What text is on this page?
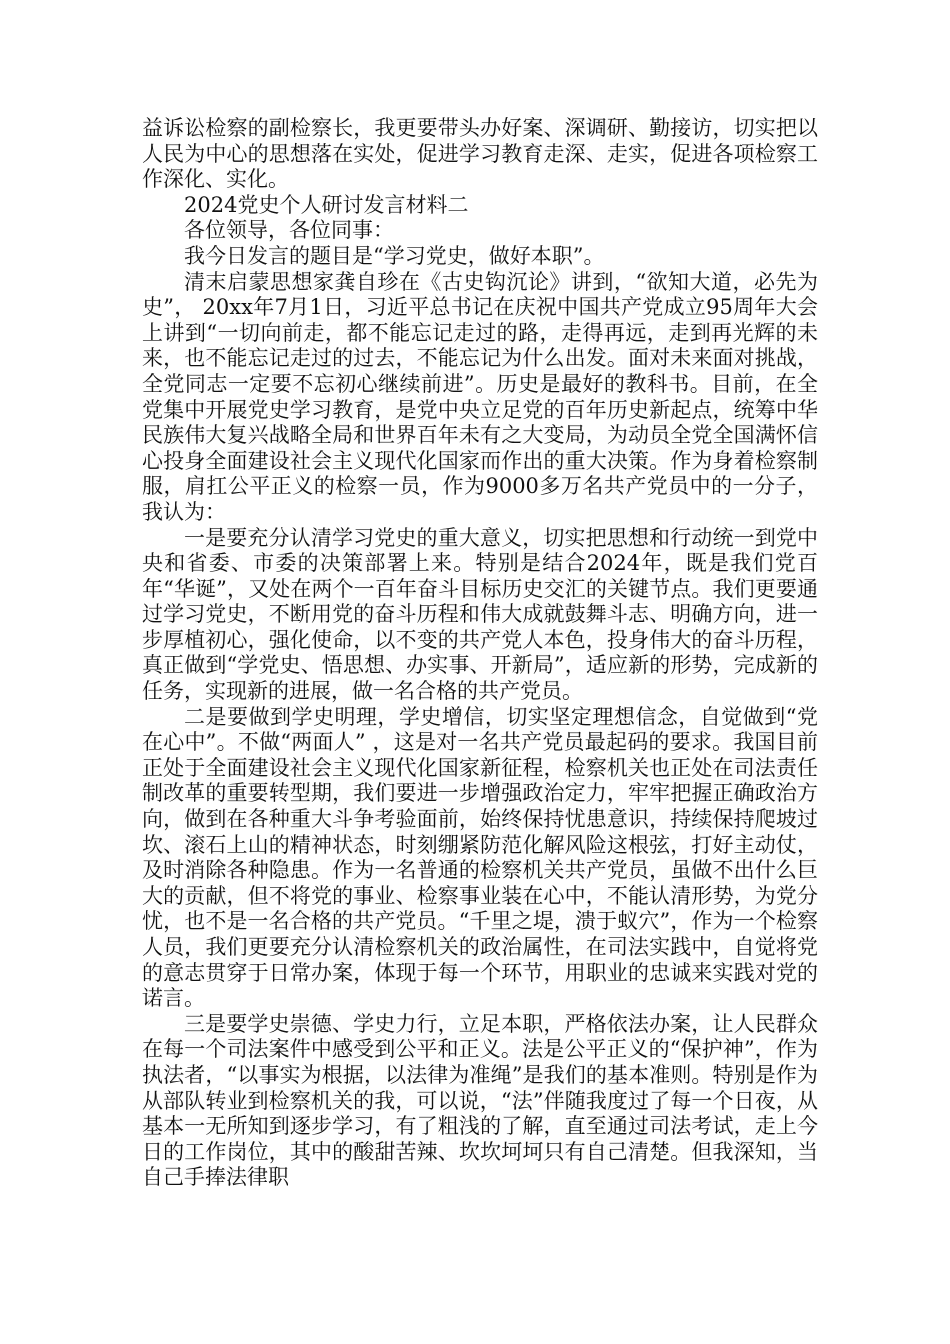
益诉讼检察的副检察长，我更要带头办好案、深调研、勤接访，切实把以人民为中心的思想落在实处，促进学习教育走深、走实，促进各项检察工作深化、实化。

2024党史个人研讨发言材料二

各位领导，各位同事：

我今日发言的题目是“学习党史，做好本职”。

清末启蒙思想家龚自珍在《古史钩沉论》讲到，“欲知大道，必先为史”， 20xx年7月1日，习近平总书记在庆祝中国共产党成立95周年大会上讲到“一切向前走，都不能忘记走过的路，走得再远，走到再光辉的未来，也不能忘记走过的过去，不能忘记为什么出发。面对未来面对挑战，全党同志一定要不忘初心继续前进”。历史是最好的教科书。目前，在全党集中开展党史学习教育，是党中央立足党的百年历史新起点，统筹中华民族伟大复兴战略全局和世界百年未有之大变局，为动员全党全国满怀信心投身全面建设社会主义现代化国家而作出的重大决策。作为身着检察制服，肩扛公平正义的检察一员，作为9000多万名共产党员中的一分子，我认为：

一是要充分认清学习党史的重大意义，切实把思想和行动统一到党中央和省委、市委的决策部署上来。特别是结合2024年，既是我们党百年“华诞”，又处在两个一百年奋斗目标历史交汇的关键节点。我们更要通过学习党史，不断用党的奋斗历程和伟大成就鼓舞斗志、明确方向，进一步厚植初心，强化使命，以不变的共产党人本色，投身伟大的奋斗历程，真正做到“学党史、悟思想、办实事、开新局”，适应新的形势，完成新的任务，实现新的进展，做一名合格的共产党员。

二是要做到学史明理，学史增信，切实坚定理想信念，自觉做到“党在心中”。不做“两面人” ，这是对一名共产党员最起码的要求。我国目前正处于全面建设社会主义现代化国家新征程，检察机关也正处在司法责任制改革的重要转型期，我们要进一步增强政治定力，牢牢把握正确政治方向，做到在各种重大斗争考验面前，始终保持忧患意识，持续保持爬坡过坎、滚石上山的精神状态，时刻绷紧防范化解风险这根弦，打好主动仗，及时消除各种隐患。作为一名普通的检察机关共产党员，虽做不出什么巨大的贡献，但不将党的事业、检察事业装在心中，不能认清形势，为党分忧，也不是一名合格的共产党员。“千里之堤，溃于蚁穴”，作为一个检察人员，我们更要充分认清检察机关的政治属性，在司法实践中，自觉将党的意志贯穿于日常办案，体现于每一个环节，用职业的忠诚来实践对党的诺言。

三是要学史崇德、学史力行，立足本职，严格依法办案，让人民群众在每一个司法案件中感受到公平和正义。法是公平正义的“保护神”，作为执法者，“以事实为根据，以法律为准绳”是我们的基本准则。特别是作为从部队转业到检察机关的我，可以说，“法”伴随我度过了每一个日夜，从基本一无所知到逐步学习，有了粗浅的了解，直至通过司法考试，走上今日的工作岗位，其中的酸甜苦辣、坎坎坷坷只有自己清楚。但我深知，当自己手捧法律职
